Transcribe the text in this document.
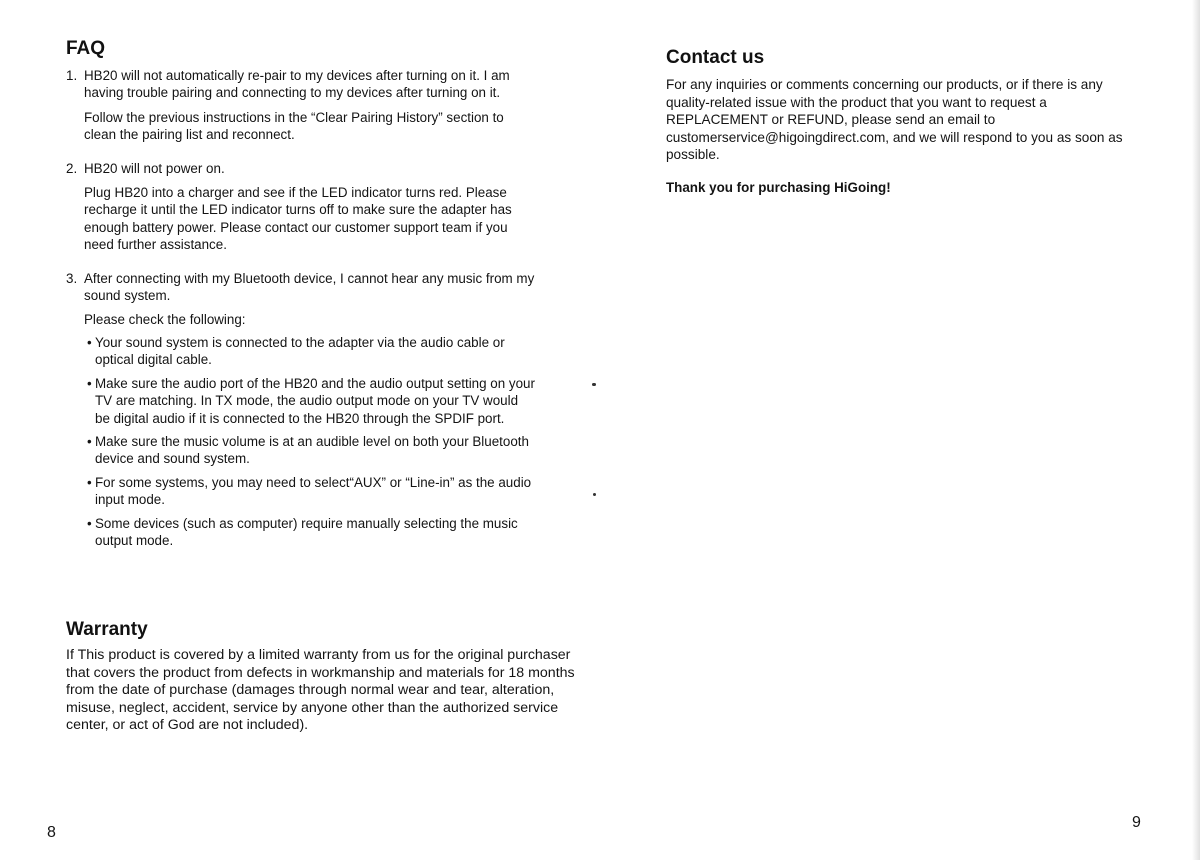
FAQ
1. HB20 will not automatically re-pair to my devices after turning on it. I am having trouble pairing and connecting to my devices after turning on it.

Follow the previous instructions in the “Clear Pairing History” section to clean the pairing list and reconnect.

2. HB20 will not power on.

Plug HB20 into a charger and see if the LED indicator turns red. Please recharge it until the LED indicator turns off to make sure the adapter has enough battery power. Please contact our customer support team if you need further assistance.

3. After connecting with my Bluetooth device, I cannot hear any music from my sound system.

Please check the following:

• Your sound system is connected to the adapter via the audio cable or optical digital cable.
• Make sure the audio port of the HB20 and the audio output setting on your TV are matching. In TX mode, the audio output mode on your TV would be digital audio if it is connected to the HB20 through the SPDIF port.
• Make sure the music volume is at an audible level on both your Bluetooth device and sound system.
• For some systems, you may need to select“AUX” or “Line-in” as the audio input mode.
• Some devices (such as computer) require manually selecting the music output mode.
Warranty

If This product is covered by a limited warranty from us for the original purchaser that covers the product from defects in workmanship and materials for 18 months from the date of purchase (damages through normal wear and tear, alteration, misuse, neglect, accident, service by anyone other than the authorized service center, or act of God are not included).

8
Contact us

For any inquiries or comments concerning our products, or if there is any quality-related issue with the product that you want to request a REPLACEMENT or REFUND, please send an email to customerservice@higoingdirect.com, and we will respond to you as soon as possible.

Thank you for purchasing HiGoing!

9
